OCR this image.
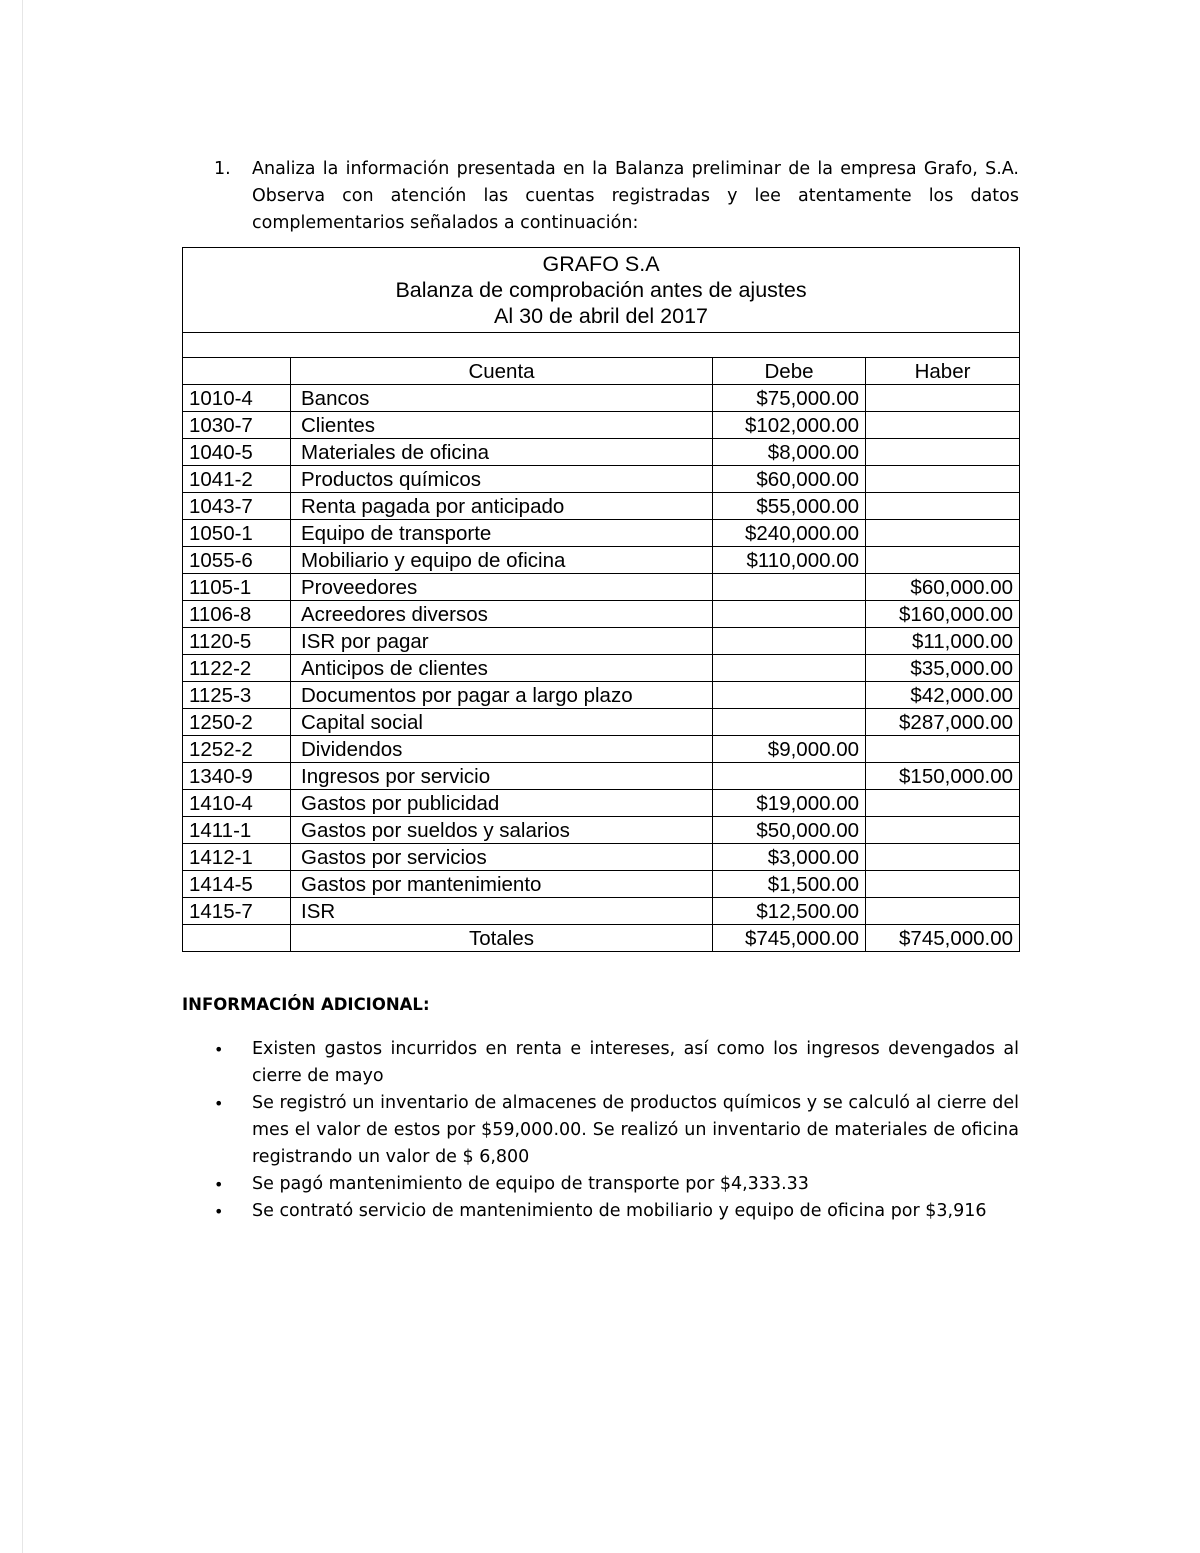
1.	Analiza la información presentada en la Balanza preliminar de la empresa Grafo, S.A. Observa con atención las cuentas registradas y lee atentamente los datos complementarios señalados a continuación:
GRAFO S.A
Balanza de comprobación antes de ajustes
Al 30 de abril del 2017			

	Cuenta	Debe	Haber
1010-4	Bancos	$75,000.00	
1030-7	Clientes	$102,000.00	
1040-5	Materiales de oficina	$8,000.00	
1041-2	Productos químicos	$60,000.00	
1043-7	Renta pagada por anticipado	$55,000.00	
1050-1	Equipo de transporte	$240,000.00	
1055-6	Mobiliario y equipo de oficina	$110,000.00	
1105-1	Proveedores		$60,000.00
1106-8	Acreedores diversos		$160,000.00
1120-5	ISR por pagar		$11,000.00
1122-2	Anticipos de clientes		$35,000.00
1125-3	Documentos por pagar a largo plazo		$42,000.00
1250-2	Capital social		$287,000.00
1252-2	Dividendos	$9,000.00	
1340-9	Ingresos por servicio		$150,000.00
1410-4	Gastos por publicidad	$19,000.00	
1411-1	Gastos por sueldos y salarios	$50,000.00	
1412-1	Gastos por servicios	$3,000.00	
1414-5	Gastos por mantenimiento	$1,500.00	
1415-7	ISR	$12,500.00	
	Totales	$745,000.00	$745,000.00
INFORMACIÓN ADICIONAL:
•	Existen gastos incurridos en renta e intereses, así como los ingresos devengados al cierre de mayo
•	Se registró un inventario de almacenes de productos químicos y se calculó al cierre del mes el valor de estos por $59,000.00. Se realizó un inventario de materiales de oficina registrando un valor de $ 6,800
•	Se pagó mantenimiento de equipo de transporte por $4,333.33
•	Se contrató servicio de mantenimiento de mobiliario y equipo de oficina por $3,916
